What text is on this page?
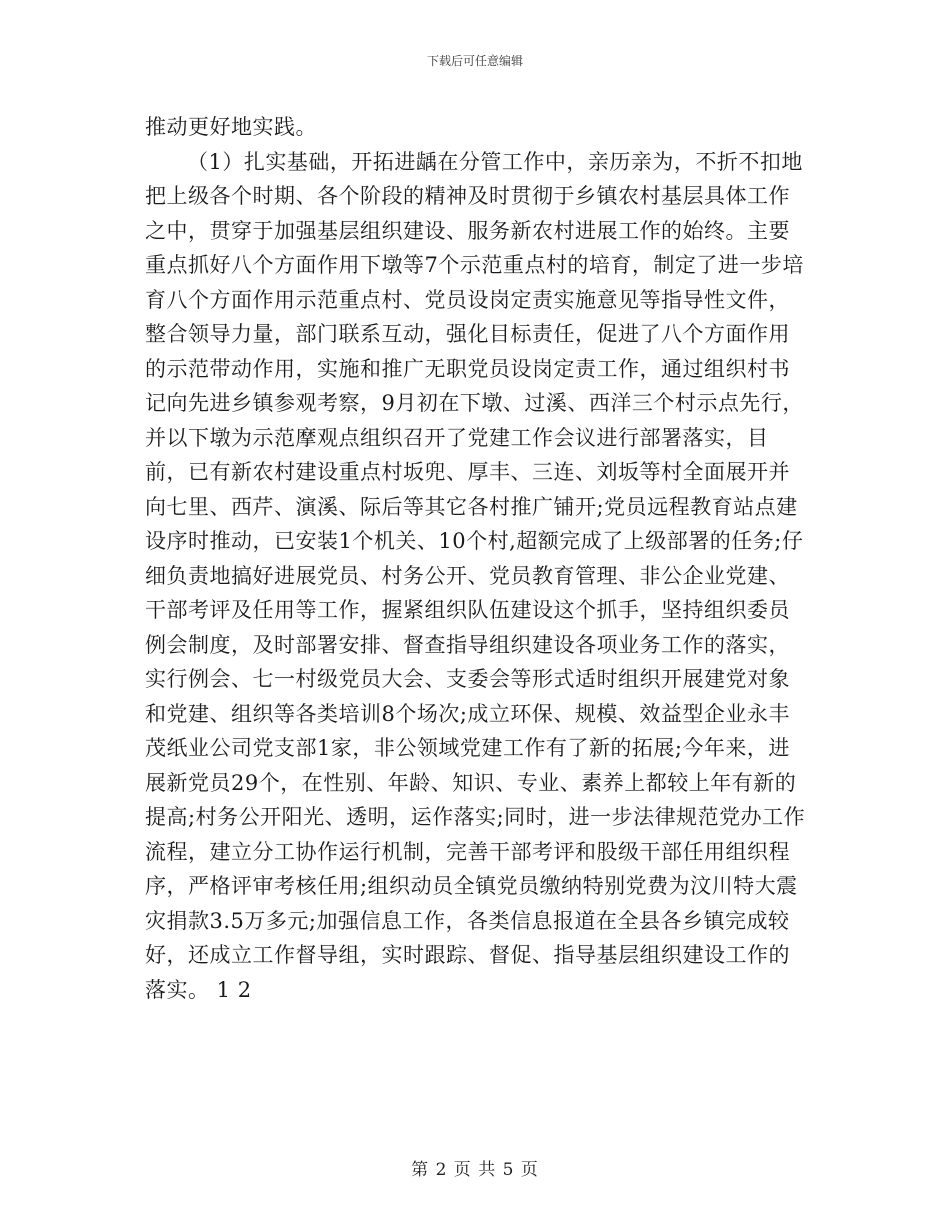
下载后可任意编辑

推动更好地实践。

（1）扎实基础，开拓进龋在分管工作中，亲历亲为，不折不扣地把上级各个时期、各个阶段的精神及时贯彻于乡镇农村基层具体工作之中，贯穿于加强基层组织建设、服务新农村进展工作的始终。主要重点抓好八个方面作用下墩等7个示范重点村的培育，制定了进一步培育八个方面作用示范重点村、党员设岗定责实施意见等指导性文件，整合领导力量，部门联系互动，强化目标责任，促进了八个方面作用的示范带动作用，实施和推广无职党员设岗定责工作，通过组织村书记向先进乡镇参观考察，9月初在下墩、过溪、西洋三个村示点先行，并以下墩为示范摩观点组织召开了党建工作会议进行部署落实，目前，已有新农村建设重点村坂兜、厚丰、三连、刘坂等村全面展开并向七里、西芹、演溪、际后等其它各村推广铺开;党员远程教育站点建设序时推动，已安装1个机关、10个村,超额完成了上级部署的任务;仔细负责地搞好进展党员、村务公开、党员教育管理、非公企业党建、干部考评及任用等工作，握紧组织队伍建设这个抓手，坚持组织委员例会制度，及时部署安排、督查指导组织建设各项业务工作的落实，实行例会、七一村级党员大会、支委会等形式适时组织开展建党对象和党建、组织等各类培训8个场次;成立环保、规模、效益型企业永丰茂纸业公司党支部1家，非公领域党建工作有了新的拓展;今年来，进展新党员29个，在性别、年龄、知识、专业、素养上都较上年有新的提高;村务公开阳光、透明，运作落实;同时，进一步法律规范党办工作流程，建立分工协作运行机制，完善干部考评和股级干部任用组织程序，严格评审考核任用;组织动员全镇党员缴纳特别党费为汶川特大震灾捐款3.5万多元;加强信息工作，各类信息报道在全县各乡镇完成较好，还成立工作督导组，实时跟踪、督促、指导基层组织建设工作的落实。 1 2

第 2 页 共 5 页
